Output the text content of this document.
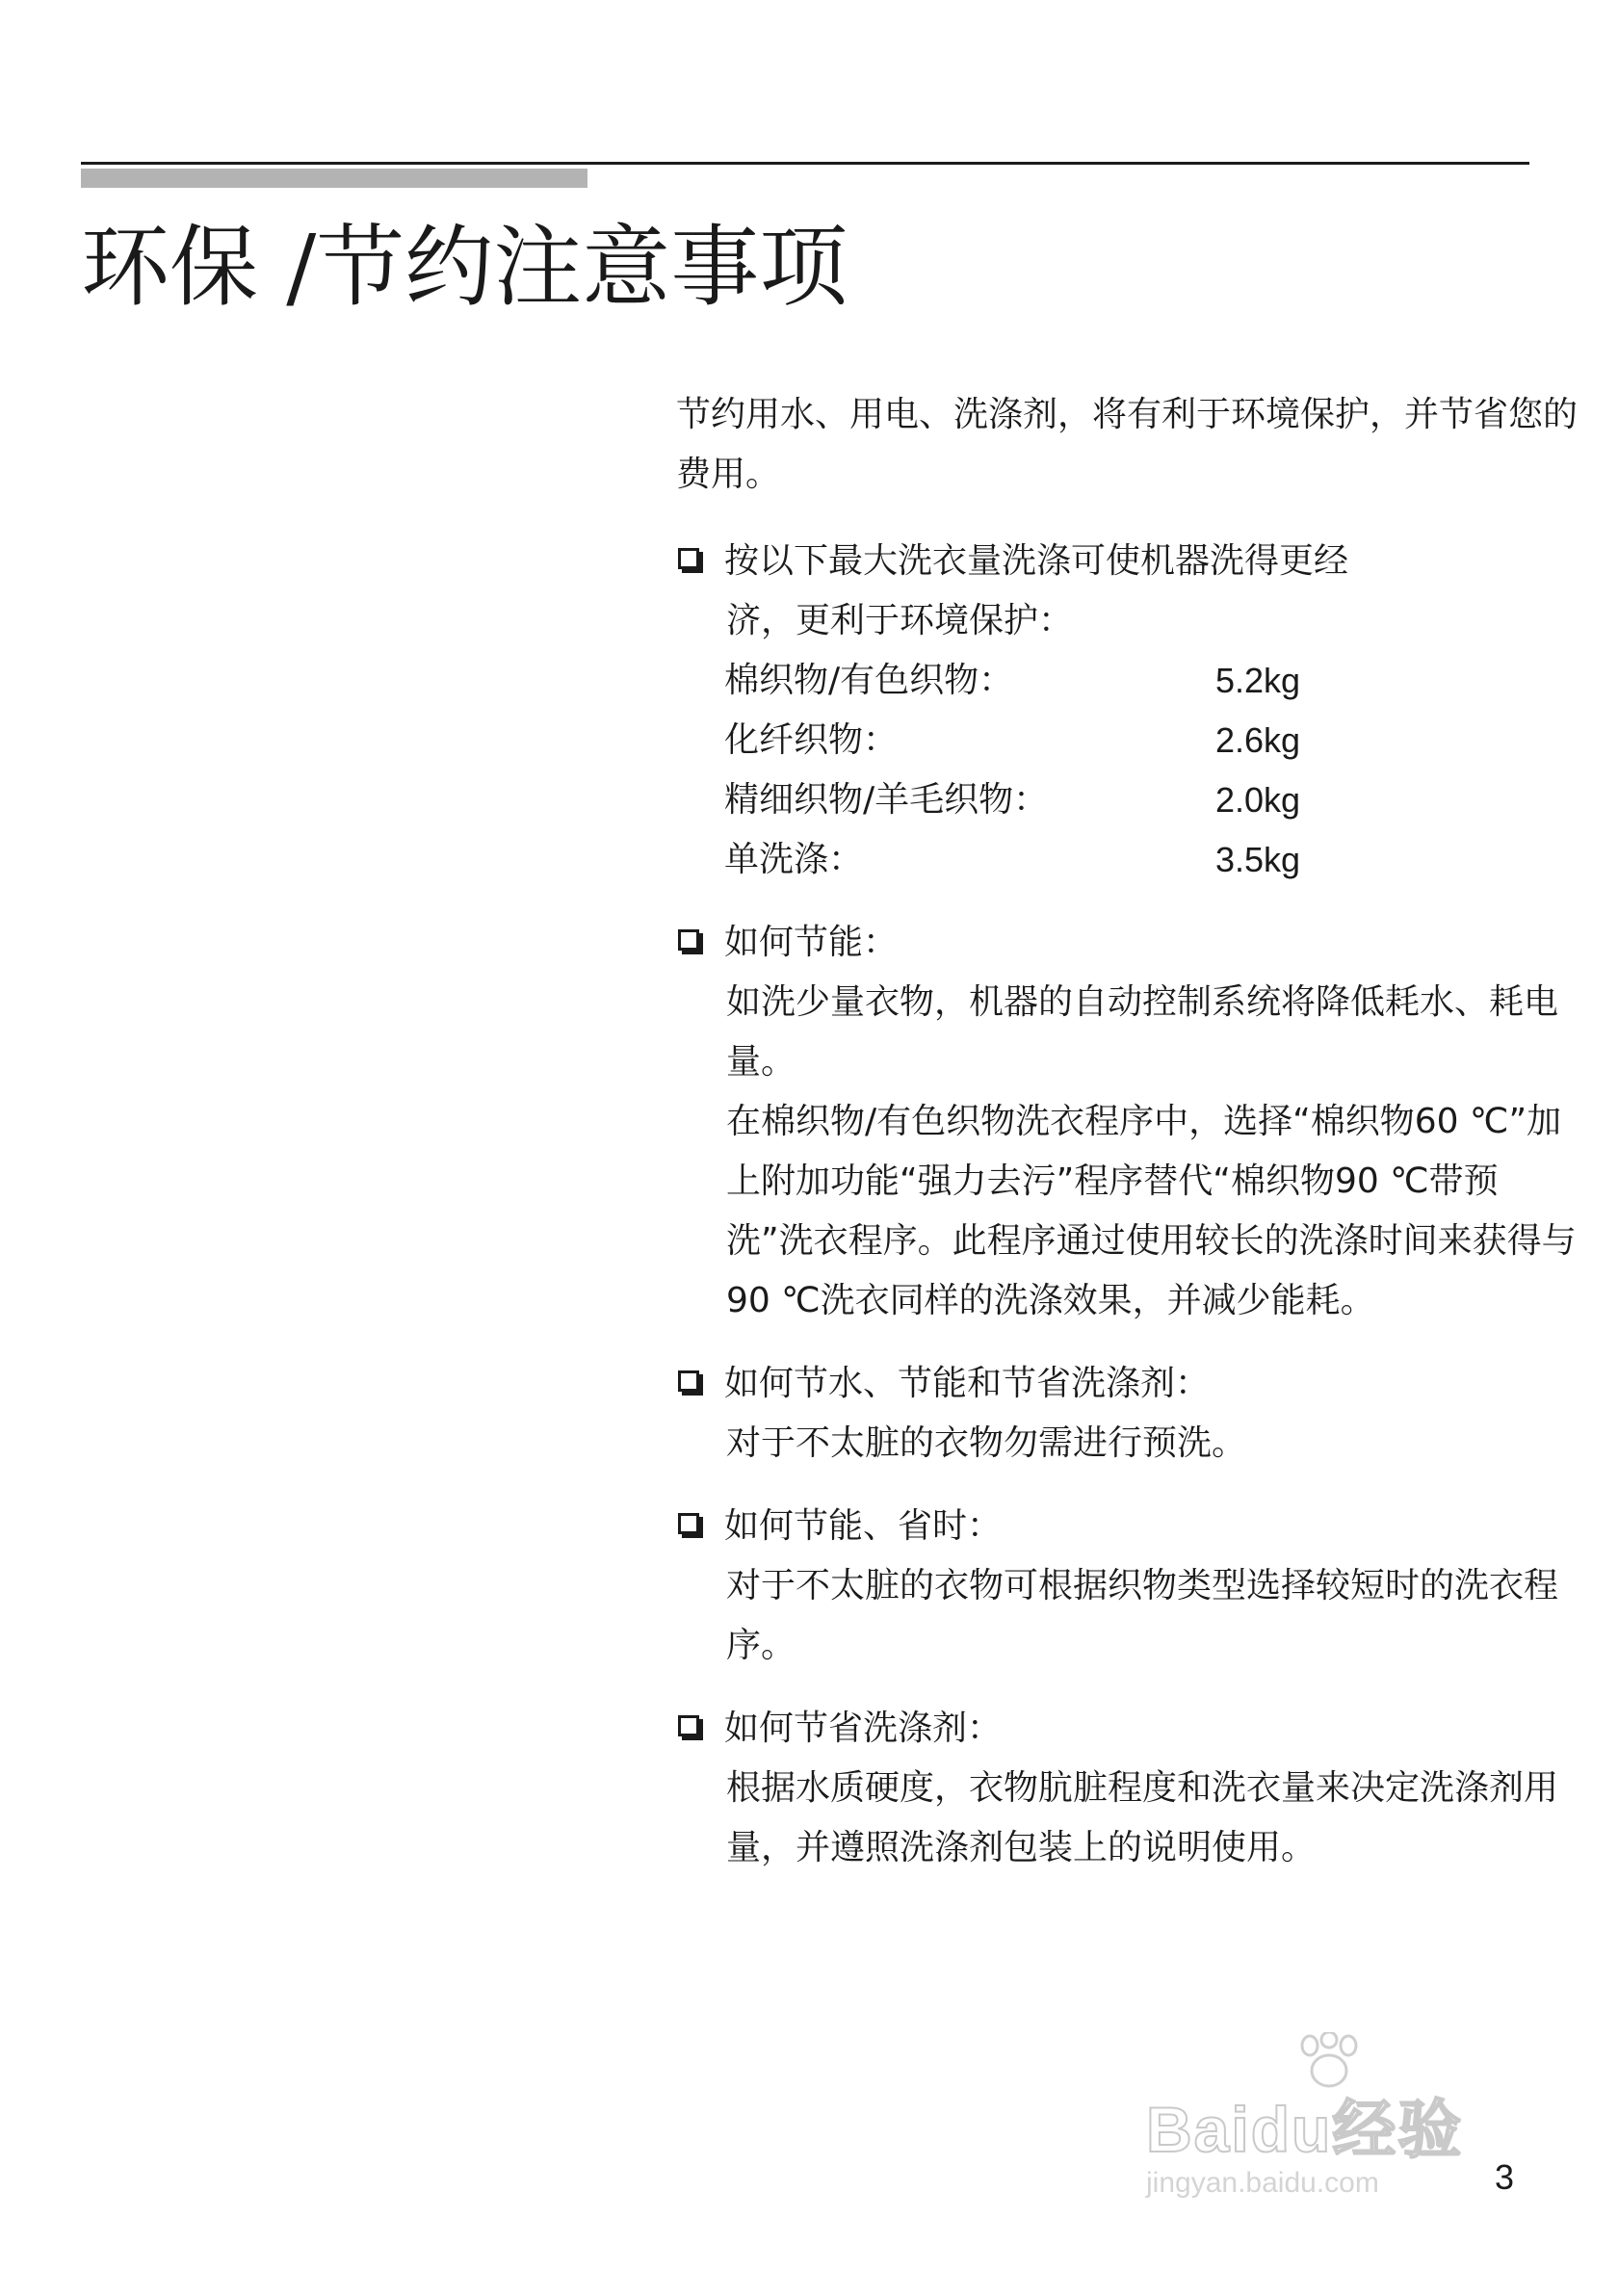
环保 /节约注意事项
节约用水、用电、洗涤剂，将有利于环境保护，并节省您的费用。
按以下最大洗衣量洗涤可使机器洗得更经
济，更利于环境保护：
棉织物/有色织物：	5.2kg
化纤织物：	2.6kg
精细织物/羊毛织物：	2.0kg
单洗涤：	3.5kg
如何节能：
如洗少量衣物，机器的自动控制系统将降低耗水、耗电量。
在棉织物/有色织物洗衣程序中，选择“棉织物60 ℃”加上附加功能“强力去污”程序替代“棉织物90 ℃带预洗”洗衣程序。此程序通过使用较长的洗涤时间来获得与90 ℃洗衣同样的洗涤效果，并减少能耗。
如何节水、节能和节省洗涤剂：
对于不太脏的衣物勿需进行预洗。
如何节能、省时：
对于不太脏的衣物可根据织物类型选择较短时的洗衣程序。
如何节省洗涤剂：
根据水质硬度，衣物肮脏程度和洗衣量来决定洗涤剂用量，并遵照洗涤剂包装上的说明使用。
Baidu经验
jingyan.baidu.com	3
